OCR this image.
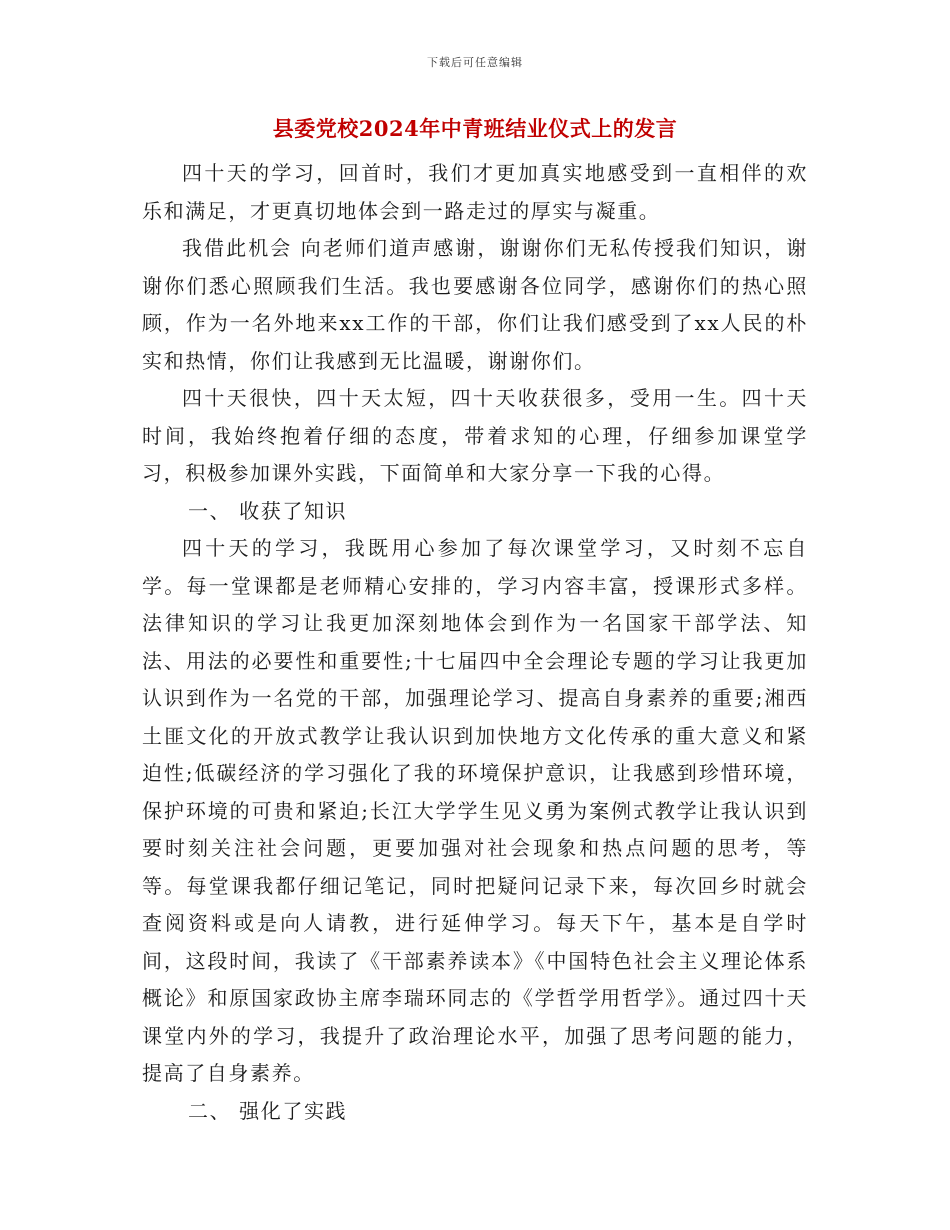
下载后可任意编辑
县委党校2024年中青班结业仪式上的发言

四十天的学习，回首时，我们才更加真实地感受到一直相伴的欢乐和满足，才更真切地体会到一路走过的厚实与凝重。

我借此机会 向老师们道声感谢，谢谢你们无私传授我们知识，谢谢你们悉心照顾我们生活。我也要感谢各位同学，感谢你们的热心照顾，作为一名外地来xx工作的干部，你们让我们感受到了xx人民的朴实和热情，你们让我感到无比温暖，谢谢你们。

四十天很快，四十天太短，四十天收获很多，受用一生。四十天时间，我始终抱着仔细的态度，带着求知的心理，仔细参加课堂学习，积极参加课外实践，下面简单和大家分享一下我的心得。

一、 收获了知识

四十天的学习，我既用心参加了每次课堂学习，又时刻不忘自学。每一堂课都是老师精心安排的，学习内容丰富，授课形式多样。法律知识的学习让我更加深刻地体会到作为一名国家干部学法、知法、用法的必要性和重要性;十七届四中全会理论专题的学习让我更加认识到作为一名党的干部，加强理论学习、提高自身素养的重要;湘西土匪文化的开放式教学让我认识到加快地方文化传承的重大意义和紧迫性;低碳经济的学习强化了我的环境保护意识，让我感到珍惜环境，保护环境的可贵和紧迫;长江大学学生见义勇为案例式教学让我认识到要时刻关注社会问题，更要加强对社会现象和热点问题的思考，等等。每堂课我都仔细记笔记，同时把疑问记录下来，每次回乡时就会查阅资料或是向人请教，进行延伸学习。每天下午，基本是自学时间，这段时间，我读了《干部素养读本》《中国特色社会主义理论体系概论》和原国家政协主席李瑞环同志的《学哲学用哲学》。通过四十天课堂内外的学习，我提升了政治理论水平，加强了思考问题的能力，提高了自身素养。

二、 强化了实践
